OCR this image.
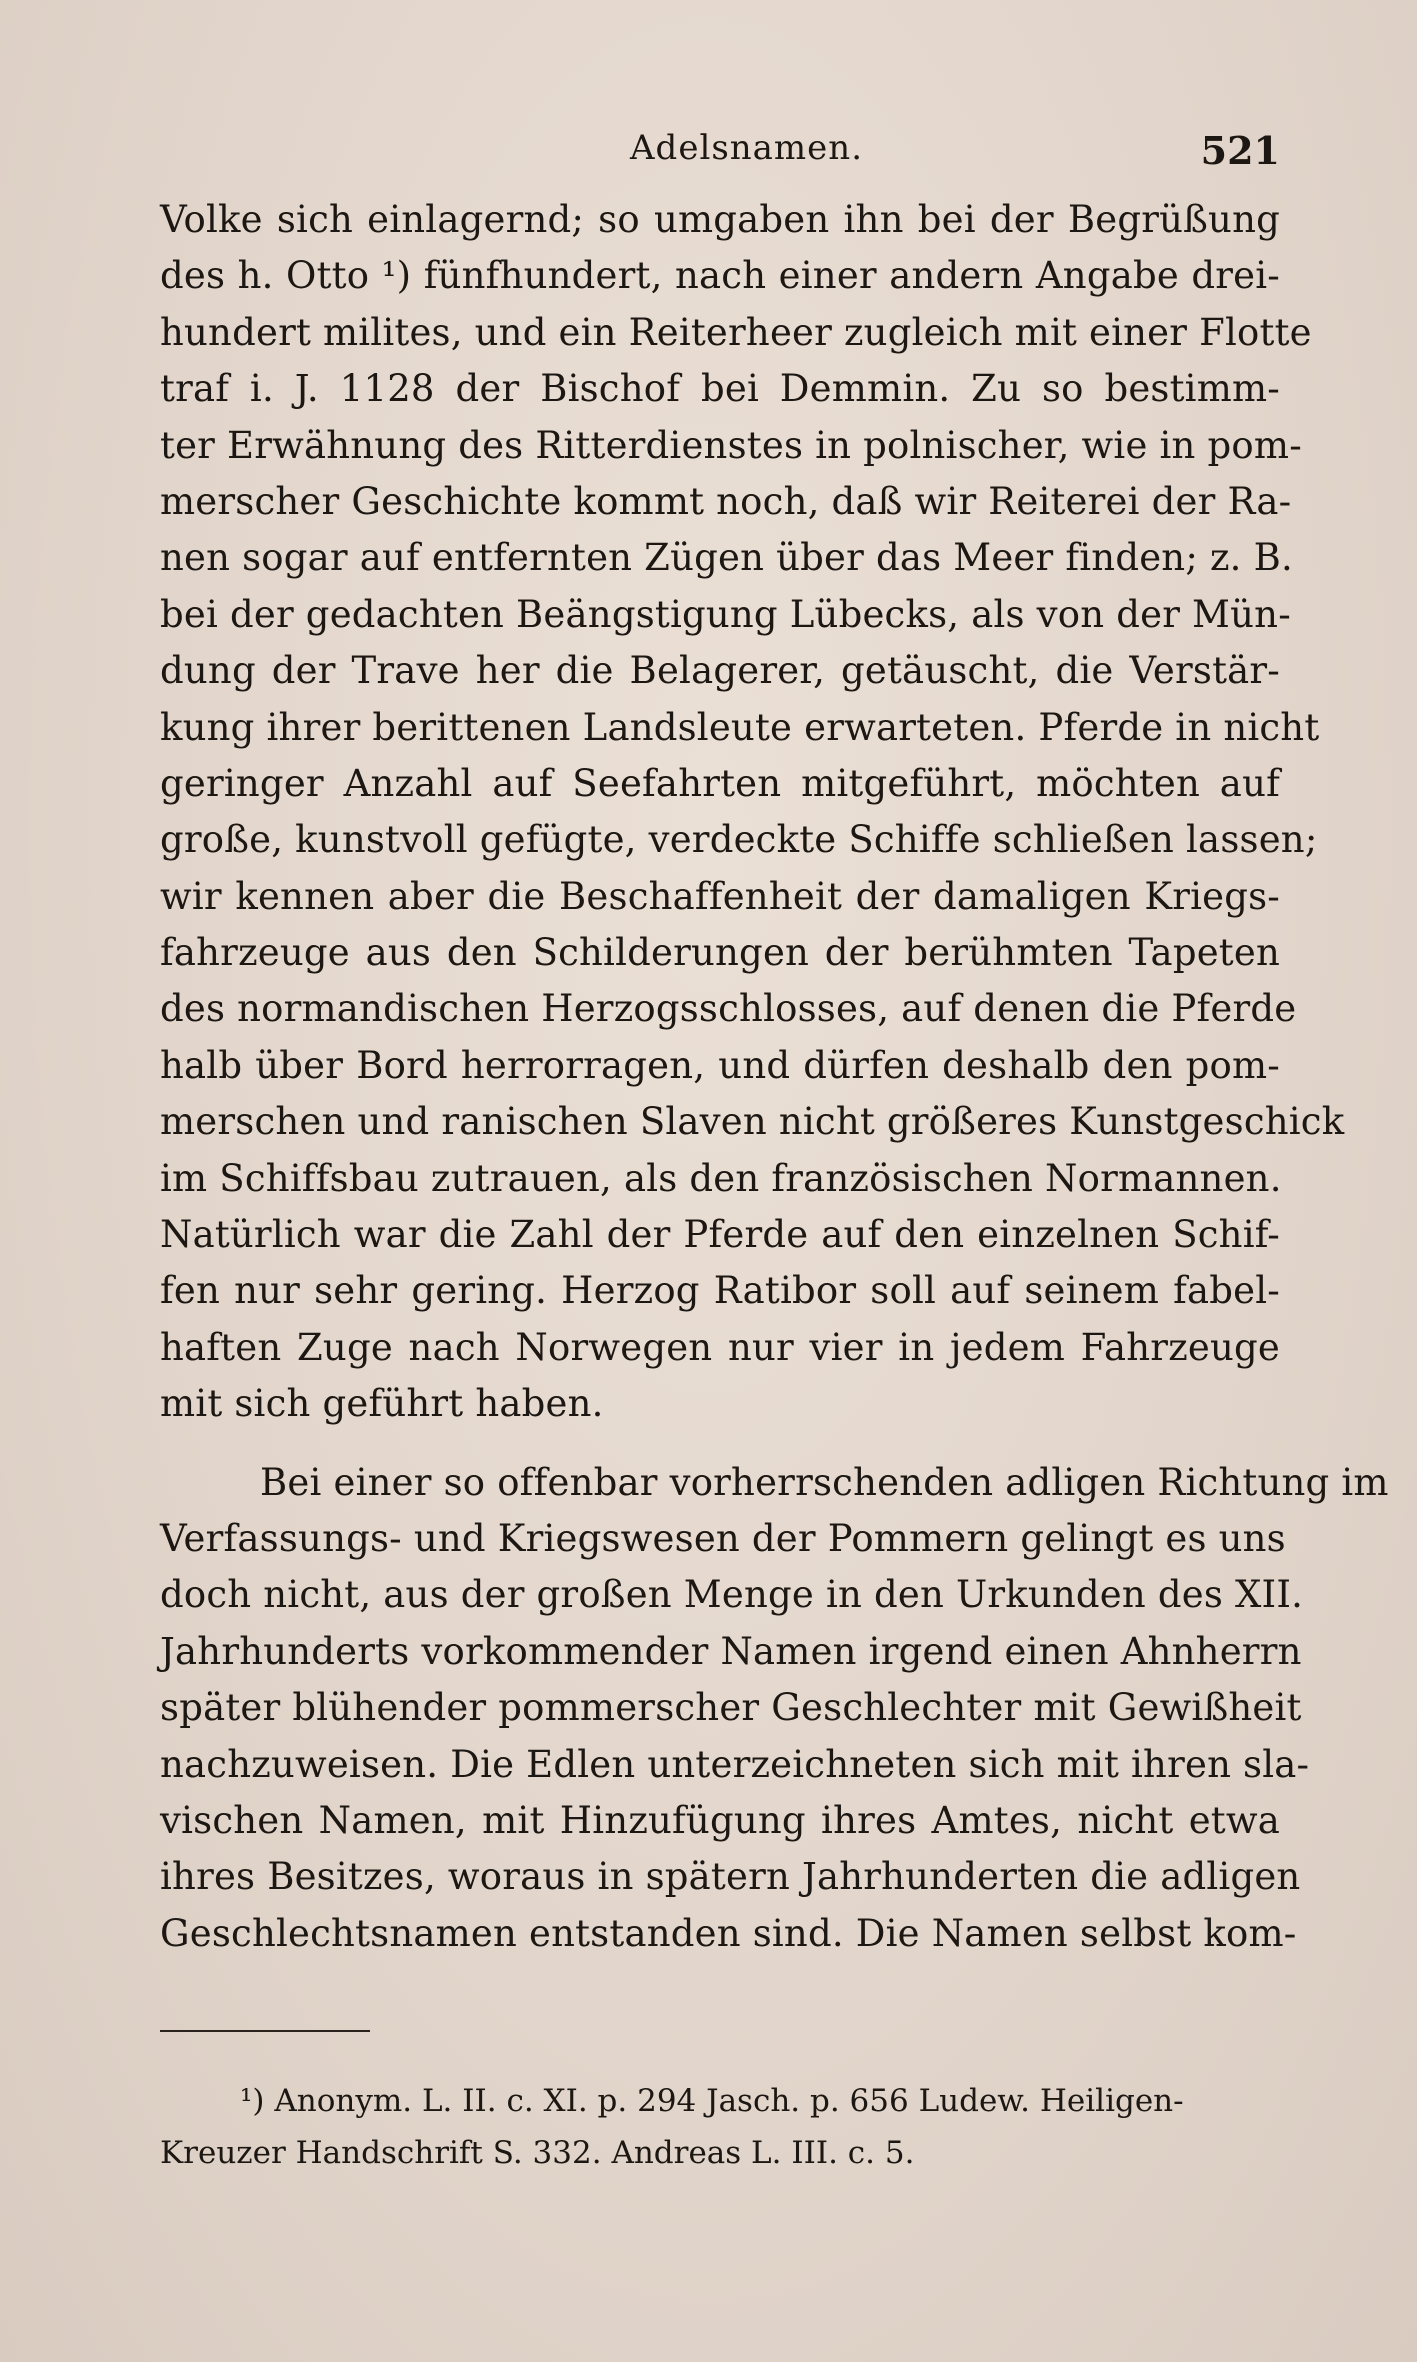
Adelsnamen.	521
Volke sich einlagernd; so umgaben ihn bei der Begrüßung
des h. Otto ¹) fünfhundert, nach einer andern Angabe drei-
hundert milites, und ein Reiterheer zugleich mit einer Flotte
traf i. J. 1128 der Bischof bei Demmin. Zu so bestimm-
ter Erwähnung des Ritterdienstes in polnischer, wie in pom-
merscher Geschichte kommt noch, daß wir Reiterei der Ra-
nen sogar auf entfernten Zügen über das Meer finden; z. B.
bei der gedachten Beängstigung Lübecks, als von der Mün-
dung der Trave her die Belagerer, getäuscht, die Verstär-
kung ihrer berittenen Landsleute erwarteten. Pferde in nicht
geringer Anzahl auf Seefahrten mitgeführt, möchten auf
große, kunstvoll gefügte, verdeckte Schiffe schließen lassen;
wir kennen aber die Beschaffenheit der damaligen Kriegs-
fahrzeuge aus den Schilderungen der berühmten Tapeten
des normandischen Herzogsschlosses, auf denen die Pferde
halb über Bord herrorragen, und dürfen deshalb den pom-
merschen und ranischen Slaven nicht größeres Kunstgeschick
im Schiffsbau zutrauen, als den französischen Normannen.
Natürlich war die Zahl der Pferde auf den einzelnen Schif-
fen nur sehr gering. Herzog Ratibor soll auf seinem fabel-
haften Zuge nach Norwegen nur vier in jedem Fahrzeuge
mit sich geführt haben.
Bei einer so offenbar vorherrschenden adligen Richtung im
Verfassungs- und Kriegswesen der Pommern gelingt es uns
doch nicht, aus der großen Menge in den Urkunden des XII.
Jahrhunderts vorkommender Namen irgend einen Ahnherrn
später blühender pommerscher Geschlechter mit Gewißheit
nachzuweisen. Die Edlen unterzeichneten sich mit ihren sla-
vischen Namen, mit Hinzufügung ihres Amtes, nicht etwa
ihres Besitzes, woraus in spätern Jahrhunderten die adligen
Geschlechtsnamen entstanden sind. Die Namen selbst kom-
¹) Anonym. L. II. c. XI. p. 294 Jasch. p. 656 Ludew. Heiligen-
Kreuzer Handschrift S. 332. Andreas L. III. c. 5.
